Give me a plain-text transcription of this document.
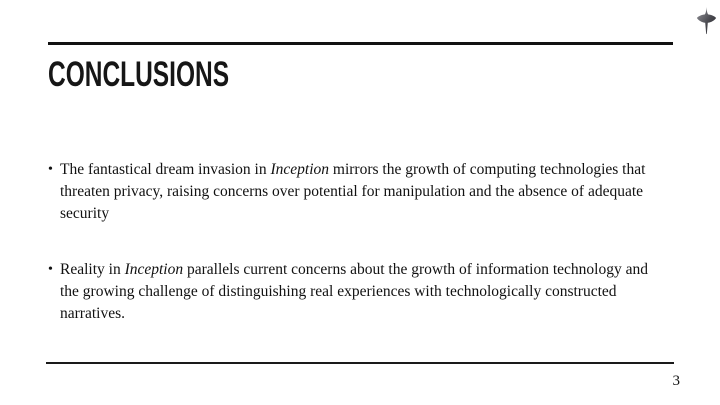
CONCLUSIONS
• The fantastical dream invasion in Inception mirrors the growth of computing technologies that threaten privacy, raising concerns over potential for manipulation and the absence of adequate security
• Reality in Inception parallels current concerns about the growth of information technology and the growing challenge of distinguishing real experiences with technologically constructed narratives.
3
